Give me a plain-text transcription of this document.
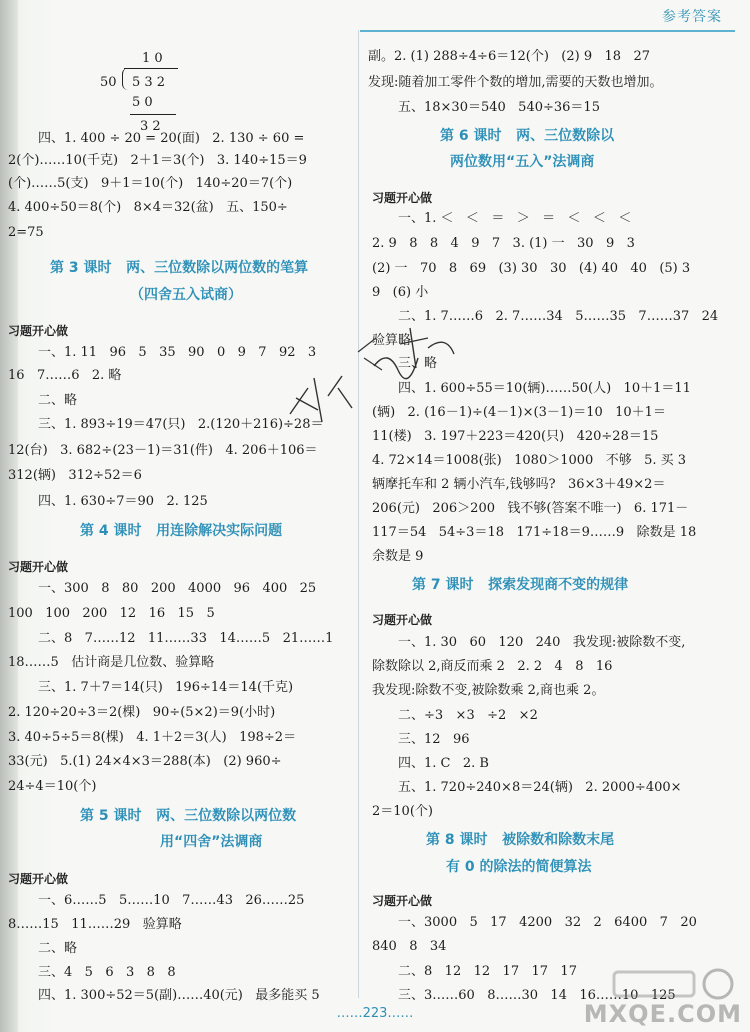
参考答案
1 0
50 5 3 2
5 0
3 2
四、1. 400 ÷ 20 = 20(面)   2. 130 ÷ 60 =
2(个)……10(千克)   2＋1＝3(个)   3. 140÷15＝9
(个)……5(支)   9＋1＝10(个)   140÷20＝7(个)
4. 400÷50＝8(个)   8×4＝32(盆)   五、150÷
2=75
第 3 课时   两、三位数除以两位数的笔算
（四舍五入试商）
习题开心做
一、1. 11   96   5   35   90   0   9   7   92   3
16   7……6   2. 略
二、略
三、1. 893÷19＝47(只)   2.(120＋216)÷28＝
12(台)   3. 682÷(23－1)＝31(件)   4. 206＋106＝
312(辆)   312÷52＝6
四、1. 630÷7＝90   2. 125
第 4 课时   用连除解决实际问题
习题开心做
一、300   8   80   200   4000   96   400   25
100   100   200   12   16   15   5
二、8   7……12   11……33   14……5   21……1
18……5   估计商是几位数、验算略
三、1. 7＋7＝14(只)   196÷14＝14(千克)
2. 120÷20÷3＝2(棵)   90÷(5×2)＝9(小时)
3. 40÷5÷5＝8(棵)   4. 1＋2＝3(人)   198÷2＝
33(元)   5.(1) 24×4×3＝288(本)   (2) 960÷
24÷4＝10(个)
第 5 课时   两、三位数除以两位数
用“四舍”法调商
习题开心做
一、6……5   5……10   7……43   26……25
8……15   11……29   验算略
二、略
三、4   5   6   3   8   8
四、1. 300÷52＝5(副)……40(元)   最多能买 5
副。2. (1) 288÷4÷6＝12(个)   (2) 9   18   27
发现:随着加工零件个数的增加,需要的天数也增加。
五、18×30＝540   540÷36＝15
第 6 课时   两、三位数除以
两位数用“五入”法调商
习题开心做
一、1. ＜   ＜   ＝   ＞   ＝   ＜   ＜   ＜
2. 9   8   8   4   9   7   3. (1) 一   30   9   3
(2) 一   70   8   69   (3) 30   30   (4) 40   40   (5) 3
9   (6) 小
二、1. 7……6   2. 7……34   5……35   7……37   24
验算略
三、略
四、1. 600÷55＝10(辆)……50(人)   10＋1＝11
(辆)   2. (16－1)÷(4－1)×(3－1)＝10   10＋1＝
11(楼)   3. 197＋223＝420(只)   420÷28＝15
4. 72×14＝1008(张)   1080＞1000   不够   5. 买 3
辆摩托车和 2 辆小汽车,钱够吗?   36×3＋49×2＝
206(元)   206＞200   钱不够(答案不唯一)   6. 171－
117＝54   54÷3＝18   171÷18＝9……9   除数是 18
余数是 9
第 7 课时   探索发现商不变的规律
习题开心做
一、1. 30   60   120   240   我发现:被除数不变,
除数除以 2,商反而乘 2   2. 2   4   8   16
我发现:除数不变,被除数乘 2,商也乘 2。
二、÷3   ×3   ÷2   ×2
三、12   96
四、1. C   2. B
五、1. 720÷240×8＝24(辆)   2. 2000÷400×
2＝10(个)
第 8 课时   被除数和除数末尾
有 0 的除法的简便算法
习题开心做
一、3000   5   17   4200   32   2   6400   7   20
840   8   34
二、8   12   12   17   17   17
三、3……60   8……30   14   16……10   125
……223……	MXQE.COM
